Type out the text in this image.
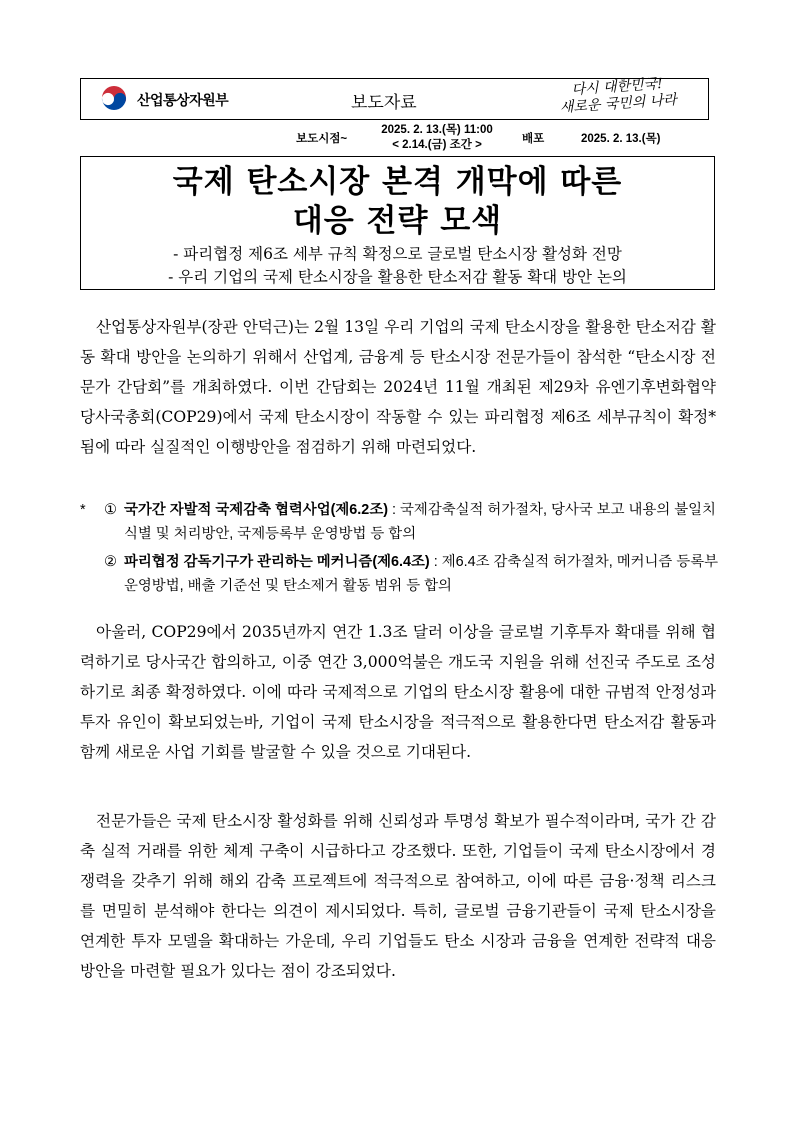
산업통상자원부	보도자료
다시 대한민국!
새로운 국민의 나라
보도시점~
2025. 2. 13.(목) 11:00
< 2.14.(금) 조간 >	배포	2025. 2. 13.(목)
국제 탄소시장 본격 개막에 따른
대응 전략 모색
- 파리협정 제6조 세부 규칙 확정으로 글로벌 탄소시장 활성화 전망
- 우리 기업의 국제 탄소시장을 활용한 탄소저감 활동 확대 방안 논의
산업통상자원부(장관 안덕근)는 2월 13일 우리 기업의 국제 탄소시장을 활용한 탄소저감 활동 확대 방안을 논의하기 위해서 산업계, 금융계 등 탄소시장 전문가들이 참석한 “탄소시장 전문가 간담회”를 개최하였다. 이번 간담회는 2024년 11월 개최된 제29차 유엔기후변화협약 당사국총회(COP29)에서 국제 탄소시장이 작동할 수 있는 파리협정 제6조 세부규칙이 확정*됨에 따라 실질적인 이행방안을 점검하기 위해 마련되었다.
*	① 국가간 자발적 국제감축 협력사업(제6.2조) : 국제감축실적 허가절차, 당사국 보고 내용의 불일치 식별 및 처리방안, 국제등록부 운영방법 등 합의
② 파리협정 감독기구가 관리하는 메커니즘(제6.4조) : 제6.4조 감축실적 허가절차, 메커니즘 등록부 운영방법, 배출 기준선 및 탄소제거 활동 범위 등 합의
아울러, COP29에서 2035년까지 연간 1.3조 달러 이상을 글로벌 기후투자 확대를 위해 협력하기로 당사국간 합의하고, 이중 연간 3,000억불은 개도국 지원을 위해 선진국 주도로 조성하기로 최종 확정하였다. 이에 따라 국제적으로 기업의 탄소시장 활용에 대한 규범적 안정성과 투자 유인이 확보되었는바, 기업이 국제 탄소시장을 적극적으로 활용한다면 탄소저감 활동과 함께 새로운 사업 기회를 발굴할 수 있을 것으로 기대된다.
전문가들은 국제 탄소시장 활성화를 위해 신뢰성과 투명성 확보가 필수적이라며, 국가 간 감축 실적 거래를 위한 체계 구축이 시급하다고 강조했다. 또한, 기업들이 국제 탄소시장에서 경쟁력을 갖추기 위해 해외 감축 프로젝트에 적극적으로 참여하고, 이에 따른 금융·정책 리스크를 면밀히 분석해야 한다는 의견이 제시되었다. 특히, 글로벌 금융기관들이 국제 탄소시장을 연계한 투자 모델을 확대하는 가운데, 우리 기업들도 탄소 시장과 금융을 연계한 전략적 대응 방안을 마련할 필요가 있다는 점이 강조되었다.
